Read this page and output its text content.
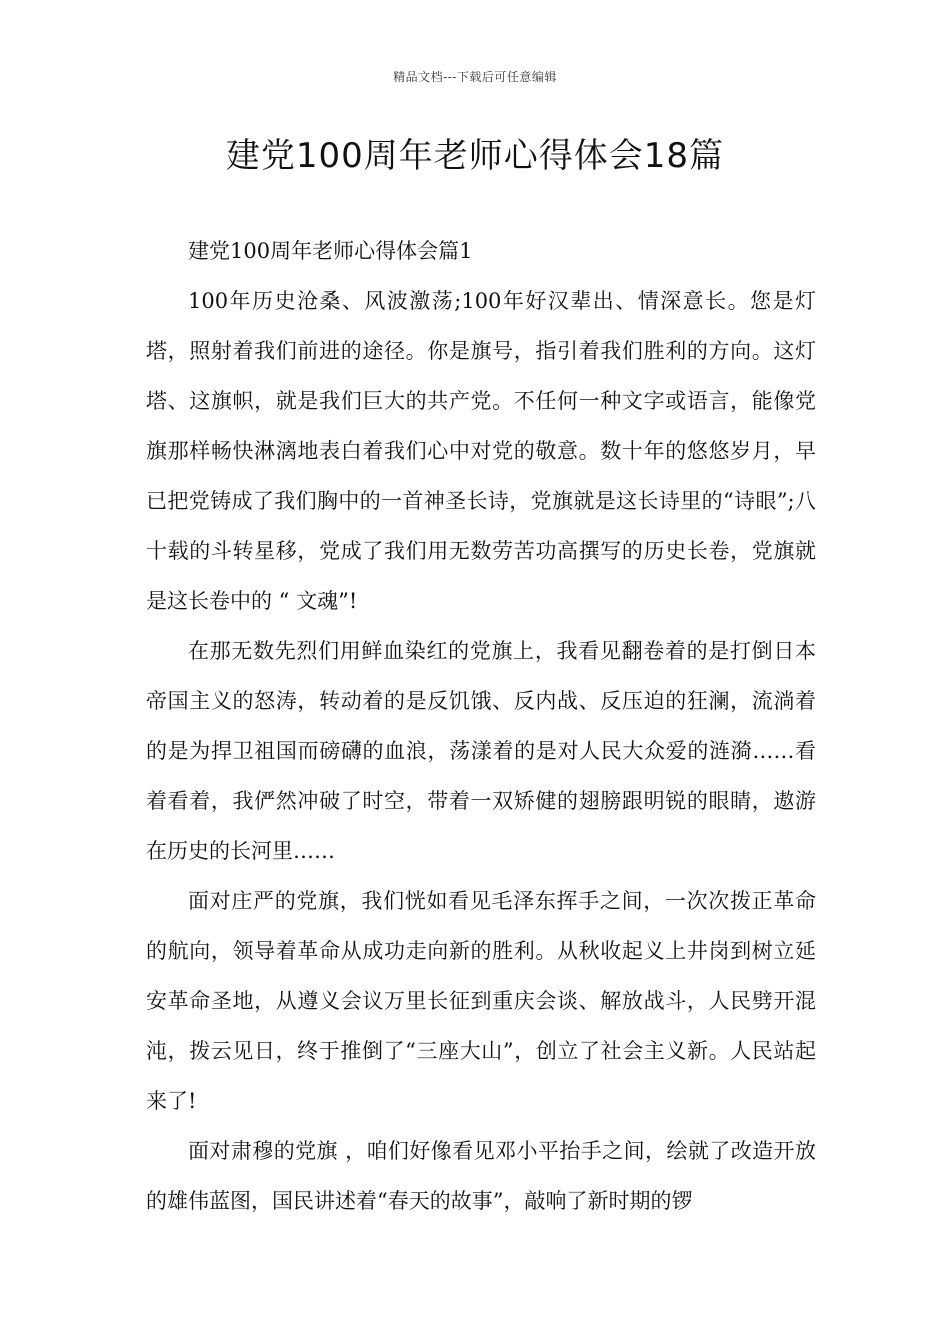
精品文档---下载后可任意编辑
建党100周年老师心得体会18篇
建党100周年老师心得体会篇1

100年历史沧桑、风波激荡;100年好汉辈出、情深意长。您是灯塔，照射着我们前进的途径。你是旗号，指引着我们胜利的方向。这灯塔、这旗帜，就是我们巨大的共产党。不任何一种文字或语言，能像党旗那样畅快淋漓地表白着我们心中对党的敬意。数十年的悠悠岁月，早已把党铸成了我们胸中的一首神圣长诗，党旗就是这长诗里的“诗眼”;八十载的斗转星移，党成了我们用无数劳苦功高撰写的历史长卷，党旗就是这长卷中的 “ 文魂”!

在那无数先烈们用鲜血染红的党旗上，我看见翻卷着的是打倒日本帝国主义的怒涛，转动着的是反饥饿、反内战、反压迫的狂澜，流淌着的是为捍卫祖国而磅礴的血浪，荡漾着的是对人民大众爱的涟漪……看着看着，我俨然冲破了时空，带着一双矫健的翅膀跟明锐的眼睛，遨游在历史的长河里……

面对庄严的党旗，我们恍如看见毛泽东挥手之间，一次次拨正革命的航向，领导着革命从成功走向新的胜利。从秋收起义上井岗到树立延安革命圣地，从遵义会议万里长征到重庆会谈、解放战斗，人民劈开混沌，拨云见日，终于推倒了“三座大山”，创立了社会主义新。人民站起来了!

面对肃穆的党旗 ，咱们好像看见邓小平抬手之间，绘就了改造开放的雄伟蓝图，国民讲述着“春天的故事”，敲响了新时期的锣
